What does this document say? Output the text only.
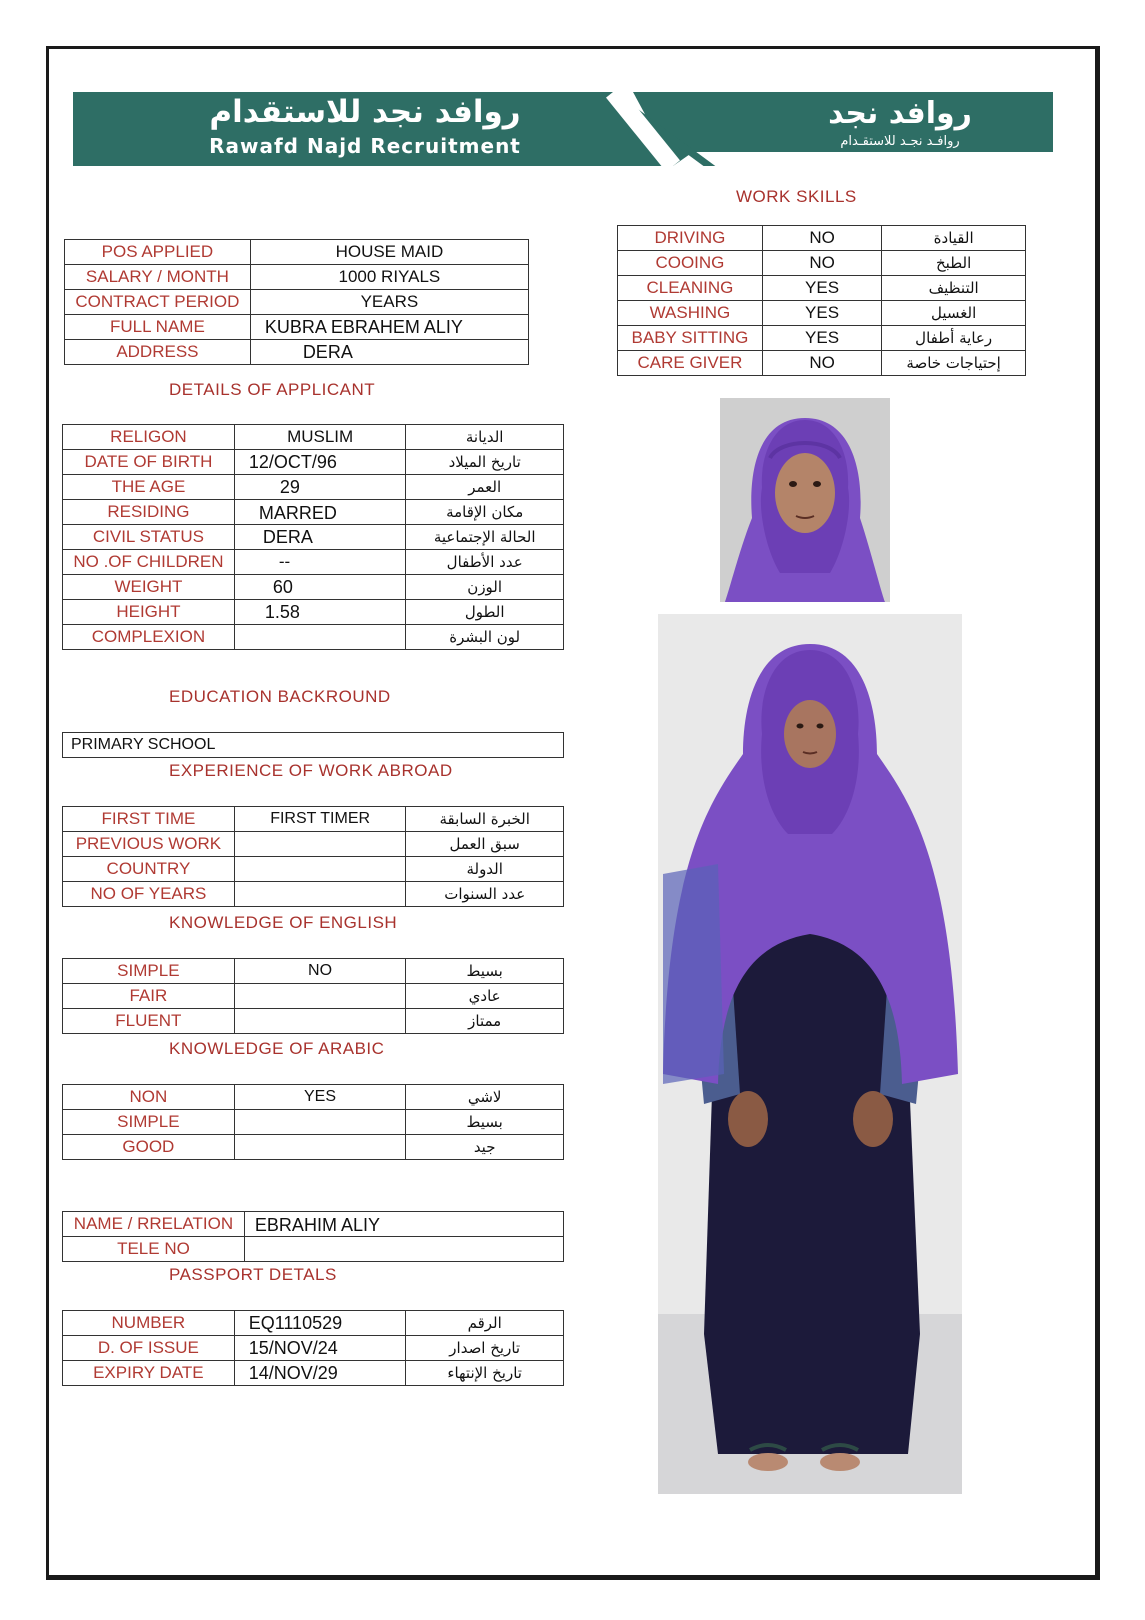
روافد نجد للاستقدام
Rawafd Najd Recruitment
روافد نجد
روافـد نجـد للاستقـدام
POS APPLIED	HOUSE MAID
SALARY / MONTH	1000 RIYALS
CONTRACT PERIOD	YEARS
FULL NAME	KUBRA EBRAHEM ALIY
ADDRESS	DERA
WORK SKILLS
DRIVING	NO	القيادة
COOING	NO	الطبخ
CLEANING	YES	التنظيف
WASHING	YES	الغسيل
BABY SITTING	YES	رعاية أطفال
CARE GIVER	NO	إحتياجات خاصة
DETAILS OF APPLICANT
RELIGON	MUSLIM	الديانة
DATE OF BIRTH	12/OCT/96	تاريخ الميلاد
THE AGE	29	العمر
RESIDING	MARRED	مكان الإقامة
CIVIL STATUS	DERA	الحالة الإجتماعية
NO .OF CHILDREN	--	عدد الأطفال
WEIGHT	60	الوزن
HEIGHT	1.58	الطول
COMPLEXION		لون البشرة
EDUCATION BACKROUND
PRIMARY SCHOOL
EXPERIENCE OF WORK ABROAD
FIRST TIME	FIRST TIMER	الخبرة السابقة
PREVIOUS WORK		سبق العمل
COUNTRY		الدولة
NO OF YEARS		عدد السنوات
KNOWLEDGE OF ENGLISH
SIMPLE	NO	بسيط
FAIR		عادي
FLUENT		ممتاز
KNOWLEDGE OF ARABIC
NON	YES	لاشي
SIMPLE		بسيط
GOOD		جيد
NAME / RRELATION	EBRAHIM ALIY
TELE NO	
PASSPORT DETALS
NUMBER	EQ1110529	الرقم
D. OF ISSUE	15/NOV/24	تاريخ اصدار
EXPIRY DATE	14/NOV/29	تاريخ الإنتهاء
